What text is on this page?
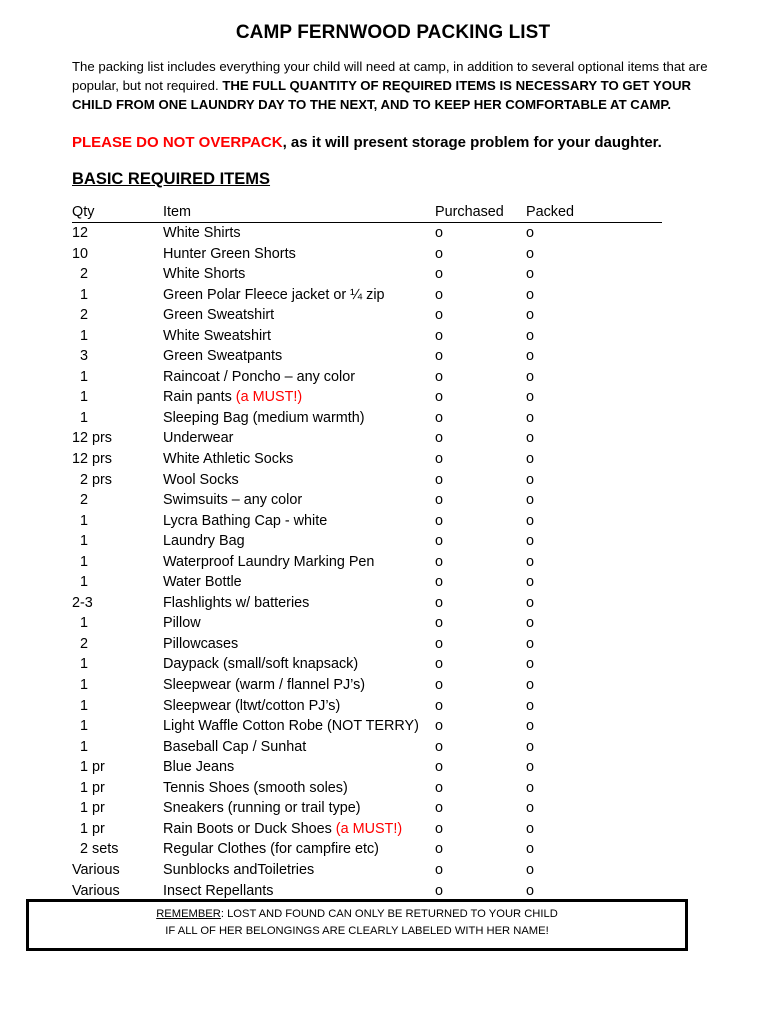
CAMP FERNWOOD PACKING LIST
The packing list includes everything your child will need at camp, in addition to several optional items that are popular, but not required. THE FULL QUANTITY OF REQUIRED ITEMS IS NECESSARY TO GET YOUR CHILD FROM ONE LAUNDRY DAY TO THE NEXT, AND TO KEEP HER COMFORTABLE AT CAMP.
PLEASE DO NOT OVERPACK, as it will present storage problem for your daughter.
BASIC REQUIRED ITEMS
Qty	Item	Purchased	Packed
12	White Shirts	o	o
10	Hunter Green Shorts	o	o
2	White Shorts	o	o
1	Green Polar Fleece jacket or ¼ zip	o	o
2	Green Sweatshirt	o	o
1	White Sweatshirt	o	o
3	Green Sweatpants	o	o
1	Raincoat / Poncho – any color	o	o
1	Rain pants (a MUST!)	o	o
1	Sleeping Bag (medium warmth)	o	o
12 prs	Underwear	o	o
12 prs	White Athletic Socks	o	o
2 prs	Wool Socks	o	o
2	Swimsuits – any color	o	o
1	Lycra Bathing Cap - white	o	o
1	Laundry Bag	o	o
1	Waterproof Laundry Marking Pen	o	o
1	Water Bottle	o	o
2-3	Flashlights w/ batteries	o	o
1	Pillow	o	o
2	Pillowcases	o	o
1	Daypack (small/soft knapsack)	o	o
1	Sleepwear (warm / flannel PJ’s)	o	o
1	Sleepwear (ltwt/cotton PJ’s)	o	o
1	Light Waffle Cotton Robe (NOT TERRY)	o	o
1	Baseball Cap / Sunhat	o	o
1 pr	Blue Jeans	o	o
1 pr	Tennis Shoes (smooth soles)	o	o
1 pr	Sneakers (running or trail type)	o	o
1 pr	Rain Boots or Duck Shoes (a MUST!)	o	o
2 sets	Regular Clothes (for campfire etc)	o	o
Various	Sunblocks andToiletries	o	o
Various	Insect Repellants	o	o
REMEMBER: LOST AND FOUND CAN ONLY BE RETURNED TO YOUR CHILD
IF ALL OF HER BELONGINGS ARE CLEARLY LABELED WITH HER NAME!
